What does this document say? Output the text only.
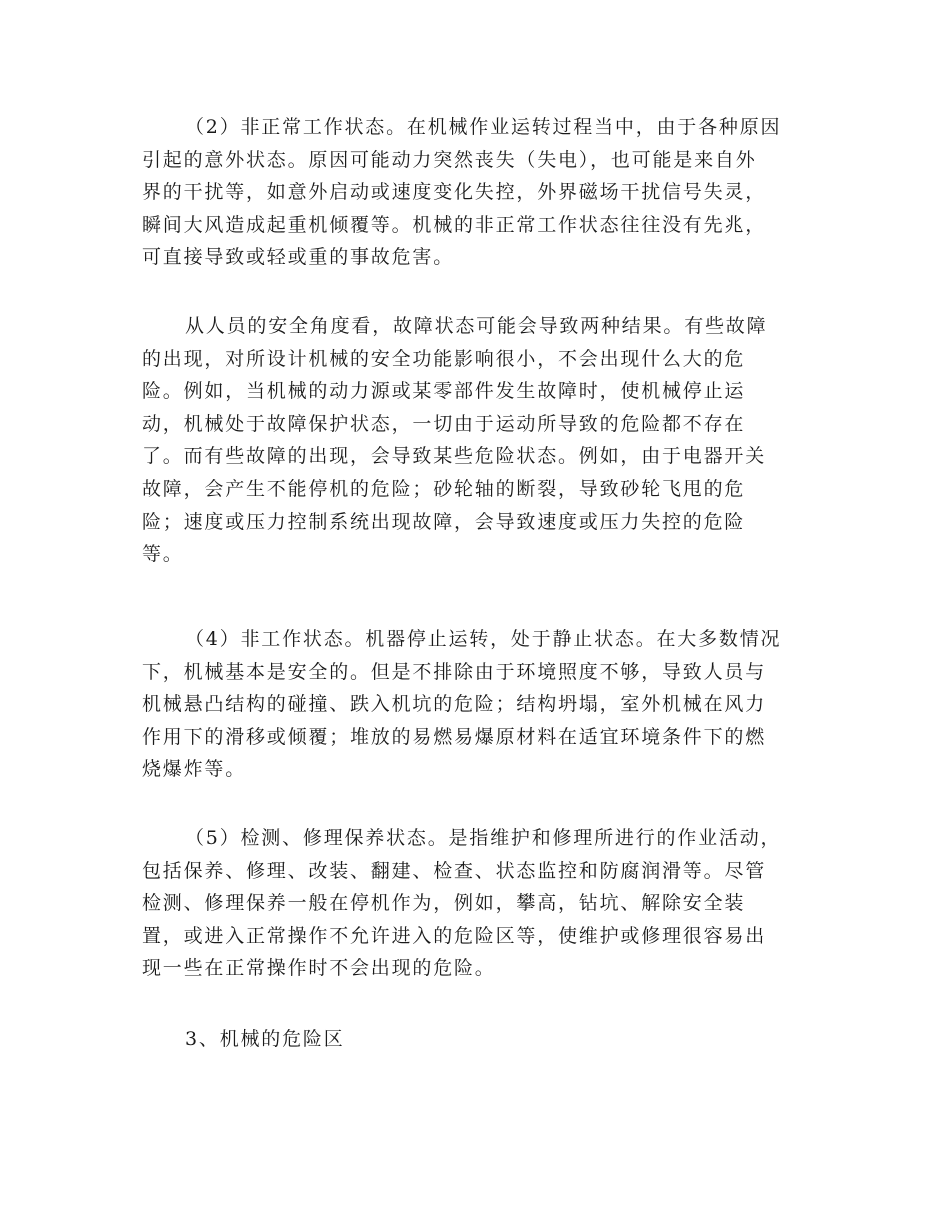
（2）非正常工作状态。在机械作业运转过程当中，由于各种原因
引起的意外状态。原因可能动力突然丧失（失电），也可能是来自外
界的干扰等，如意外启动或速度变化失控，外界磁场干扰信号失灵，
瞬间大风造成起重机倾覆等。机械的非正常工作状态往往没有先兆，
可直接导致或轻或重的事故危害。
从人员的安全角度看，故障状态可能会导致两种结果。有些故障
的出现，对所设计机械的安全功能影响很小，不会出现什么大的危
险。例如，当机械的动力源或某零部件发生故障时，使机械停止运
动，机械处于故障保护状态，一切由于运动所导致的危险都不存在
了。而有些故障的出现，会导致某些危险状态。例如，由于电器开关
故障，会产生不能停机的危险；砂轮轴的断裂，导致砂轮飞甩的危
险；速度或压力控制系统出现故障，会导致速度或压力失控的危险
等。
（4）非工作状态。机器停止运转，处于静止状态。在大多数情况
下，机械基本是安全的。但是不排除由于环境照度不够，导致人员与
机械悬凸结构的碰撞、跌入机坑的危险；结构坍塌，室外机械在风力
作用下的滑移或倾覆；堆放的易燃易爆原材料在适宜环境条件下的燃
烧爆炸等。
（5）检测、修理保养状态。是指维护和修理所进行的作业活动，
包括保养、修理、改装、翻建、检查、状态监控和防腐润滑等。尽管
检测、修理保养一般在停机作为，例如，攀高，钻坑、解除安全装
置，或进入正常操作不允许进入的危险区等，使维护或修理很容易出
现一些在正常操作时不会出现的危险。
3、机械的危险区
